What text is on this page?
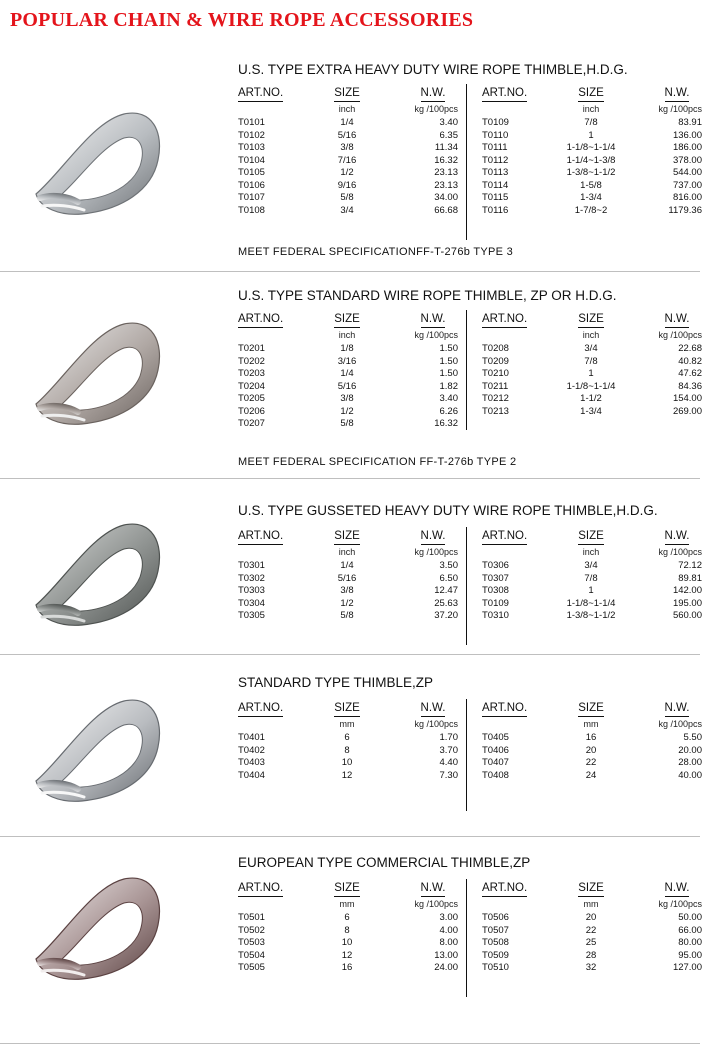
POPULAR CHAIN & WIRE ROPE ACCESSORIES
U.S. TYPE EXTRA HEAVY DUTY WIRE ROPE THIMBLE,H.D.G.
ART.NO.	SIZE	N.W.
inch	kg /100pcs
T0101	1/4	3.40
T0102	5/16	6.35
T0103	3/8	11.34
T0104	7/16	16.32
T0105	1/2	23.13
T0106	9/16	23.13
T0107	5/8	34.00
T0108	3/4	66.68
ART.NO.	SIZE	N.W.
inch	kg /100pcs
T0109	7/8	83.91
T0110	1	136.00
T0111	1-1/8~1-1/4	186.00
T0112	1-1/4~1-3/8	378.00
T0113	1-3/8~1-1/2	544.00
T0114	1-5/8	737.00
T0115	1-3/4	816.00
T0116	1-7/8~2	1179.36
MEET FEDERAL SPECIFICATIONFF-T-276b TYPE 3
U.S. TYPE STANDARD WIRE ROPE THIMBLE, ZP OR H.D.G.
ART.NO.	SIZE	N.W.
inch	kg /100pcs
T0201	1/8	1.50
T0202	3/16	1.50
T0203	1/4	1.50
T0204	5/16	1.82
T0205	3/8	3.40
T0206	1/2	6.26
T0207	5/8	16.32
ART.NO.	SIZE	N.W.
inch	kg /100pcs
T0208	3/4	22.68
T0209	7/8	40.82
T0210	1	47.62
T0211	1-1/8~1-1/4	84.36
T0212	1-1/2	154.00
T0213	1-3/4	269.00
MEET FEDERAL SPECIFICATION FF-T-276b TYPE 2
U.S. TYPE GUSSETED HEAVY DUTY WIRE ROPE THIMBLE,H.D.G.
ART.NO.	SIZE	N.W.
inch	kg /100pcs
T0301	1/4	3.50
T0302	5/16	6.50
T0303	3/8	12.47
T0304	1/2	25.63
T0305	5/8	37.20
ART.NO.	SIZE	N.W.
inch	kg /100pcs
T0306	3/4	72.12
T0307	7/8	89.81
T0308	1	142.00
T0109	1-1/8~1-1/4	195.00
T0310	1-3/8~1-1/2	560.00
STANDARD TYPE THIMBLE,ZP
ART.NO.	SIZE	N.W.
mm	kg /100pcs
T0401	6	1.70
T0402	8	3.70
T0403	10	4.40
T0404	12	7.30
ART.NO.	SIZE	N.W.
mm	kg /100pcs
T0405	16	5.50
T0406	20	20.00
T0407	22	28.00
T0408	24	40.00
EUROPEAN TYPE COMMERCIAL THIMBLE,ZP
ART.NO.	SIZE	N.W.
mm	kg /100pcs
T0501	6	3.00
T0502	8	4.00
T0503	10	8.00
T0504	12	13.00
T0505	16	24.00
ART.NO.	SIZE	N.W.
mm	kg /100pcs
T0506	20	50.00
T0507	22	66.00
T0508	25	80.00
T0509	28	95.00
T0510	32	127.00
